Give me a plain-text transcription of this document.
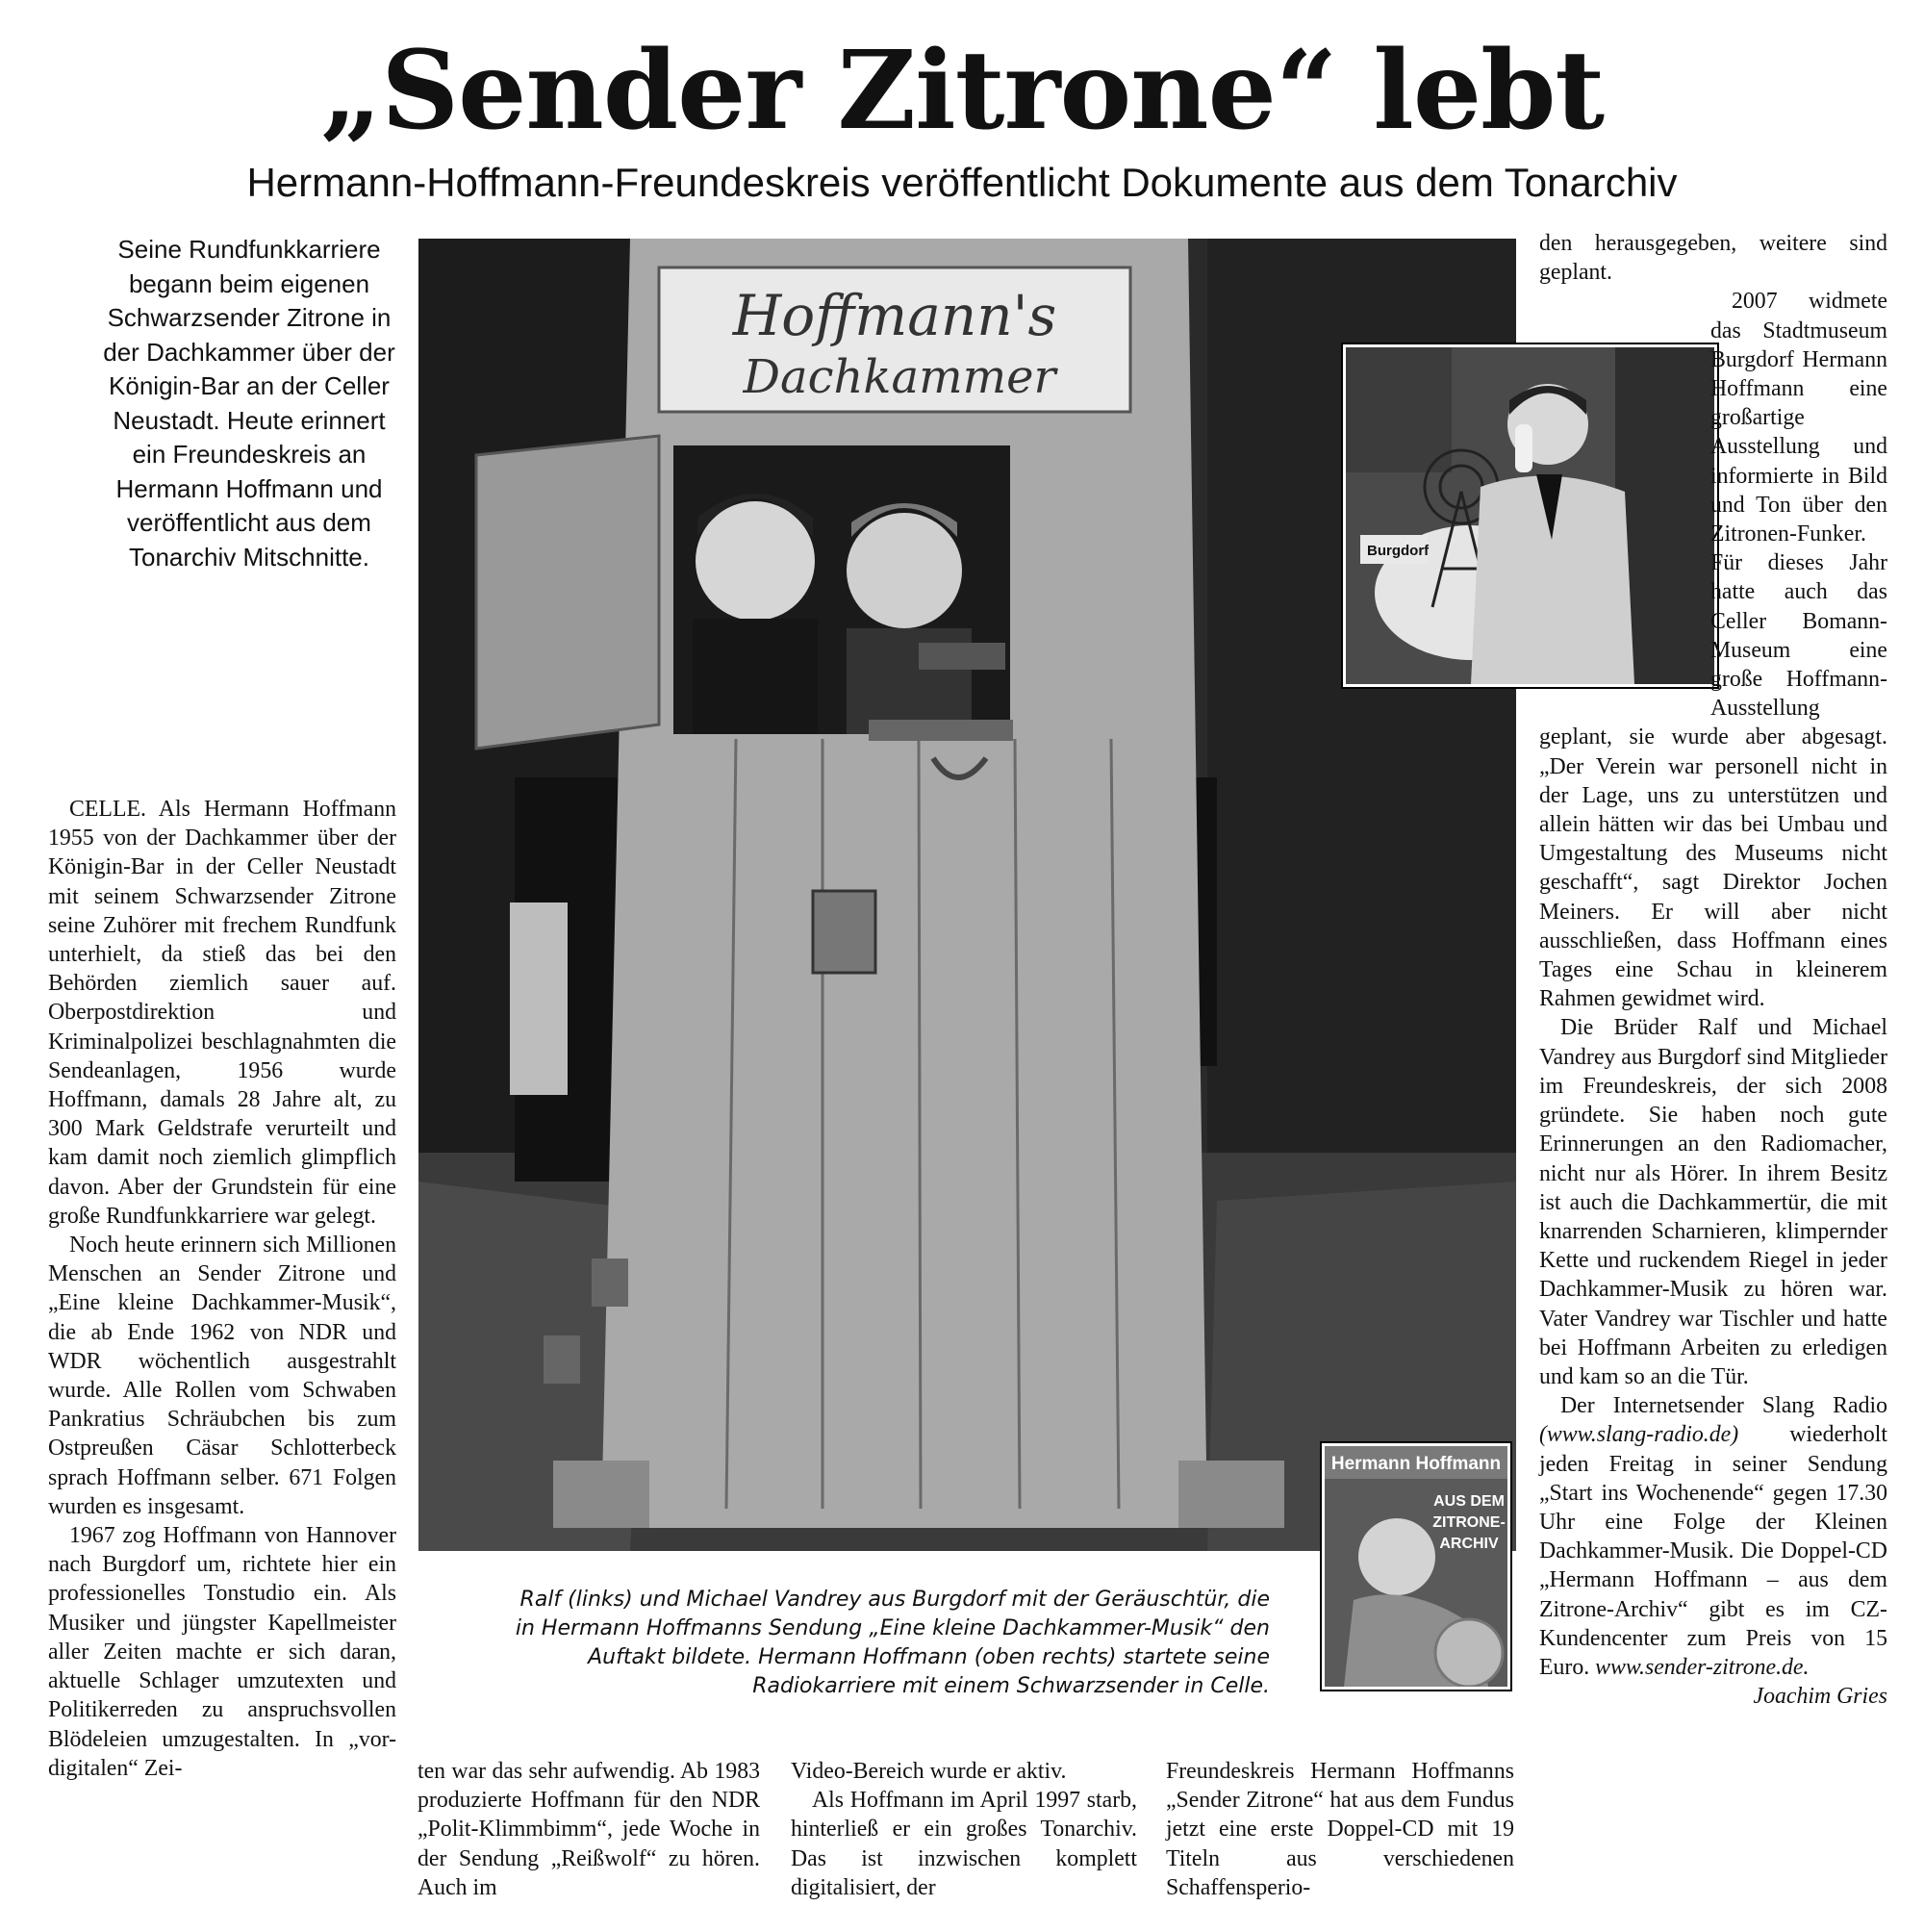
„Sender Zitrone“ lebt
Hermann-Hoffmann-Freundeskreis veröffentlicht Dokumente aus dem Tonarchiv
Seine Rundfunkkarriere begann beim eigenen Schwarzsender Zitrone in der Dachkammer über der Königin-Bar an der Celler Neustadt. Heute erinnert ein Freundeskreis an Hermann Hoffmann und veröffentlicht aus dem Tonarchiv Mitschnitte.
Hoffmann's
Dachkammer
Burgdorf
Hermann Hoffmann
AUS DEM
ZITRONE-
ARCHIV
Ralf (links) und Michael Vandrey aus Burgdorf mit der Geräuschtür, die in Hermann Hoffmanns Sendung „Eine kleine Dachkammer-Musik“ den Auftakt bildete. Hermann Hoffmann (oben rechts) startete seine Radiokarriere mit einem Schwarzsender in Celle.

CELLE. Als Hermann Hoffmann 1955 von der Dachkammer über der Königin-Bar in der Celler Neustadt mit seinem Schwarzsender Zitrone seine Zuhörer mit frechem Rundfunk unterhielt, da stieß das bei den Behörden ziemlich sauer auf. Oberpostdirektion und Kriminalpolizei beschlagnahmten die Sendeanlagen, 1956 wurde Hoffmann, damals 28 Jahre alt, zu 300 Mark Geldstrafe verurteilt und kam damit noch ziemlich glimpflich davon. Aber der Grundstein für eine große Rundfunkkarriere war gelegt.

Noch heute erinnern sich Millionen Menschen an Sender Zitrone und „Eine kleine Dachkammer-Musik“, die ab Ende 1962 von NDR und WDR wöchentlich ausgestrahlt wurde. Alle Rollen vom Schwaben Pankratius Schräubchen bis zum Ostpreußen Cäsar Schlotterbeck sprach Hoffmann selber. 671 Folgen wurden es insgesamt.

1967 zog Hoffmann von Hannover nach Burgdorf um, richtete hier ein professionelles Tonstudio ein. Als Musiker und jüngster Kapellmeister aller Zeiten machte er sich daran, aktuelle Schlager umzutexten und Politikerreden zu anspruchsvollen Blödeleien umzugestalten. In „vor-digitalen“ Zei-	ten war das sehr aufwendig. Ab 1983 produzierte Hoffmann für den NDR „Polit-Klimmbimm“, jede Woche in der Sendung „Reißwolf“ zu hören. Auch im

Video-Bereich wurde er aktiv.

Als Hoffmann im April 1997 starb, hinterließ er ein großes Tonarchiv. Das ist inzwischen komplett digitalisiert, der

Freundeskreis Hermann Hoffmanns „Sender Zitrone“ hat aus dem Fundus jetzt eine erste Doppel-CD mit 19 Titeln aus verschiedenen Schaffensperio-

den herausgegeben, weitere sind geplant.

2007 widmete das Stadtmuseum Burgdorf Hermann Hoffmann eine großartige Ausstellung und informierte in Bild und Ton über den Zitronen-Funker. Für dieses Jahr hatte auch das Celler Bomann-Museum eine große Hoffmann-Ausstellung geplant, sie wurde aber abgesagt. „Der Verein war personell nicht in der Lage, uns zu unterstützen und allein hätten wir das bei Umbau und Umgestaltung des Museums nicht geschafft“, sagt Direktor Jochen Meiners. Er will aber nicht ausschließen, dass Hoffmann eines Tages eine Schau in kleinerem Rahmen gewidmet wird.

Die Brüder Ralf und Michael Vandrey aus Burgdorf sind Mitglieder im Freundeskreis, der sich 2008 gründete. Sie haben noch gute Erinnerungen an den Radiomacher, nicht nur als Hörer. In ihrem Besitz ist auch die Dachkammertür, die mit knarrenden Scharnieren, klimpernder Kette und ruckendem Riegel in jeder Dachkammer-Musik zu hören war. Vater Vandrey war Tischler und hatte bei Hoffmann Arbeiten zu erledigen und kam so an die Tür.

Der Internetsender Slang Radio (www.slang-radio.de) wiederholt jeden Freitag in seiner Sendung „Start ins Wochenende“ gegen 17.30 Uhr eine Folge der Kleinen Dachkammer-Musik. Die Doppel-CD „Hermann Hoffmann – aus dem Zitrone-Archiv“ gibt es im CZ-Kundencenter zum Preis von 15 Euro. www.sender-zitrone.de.

Joachim Gries
